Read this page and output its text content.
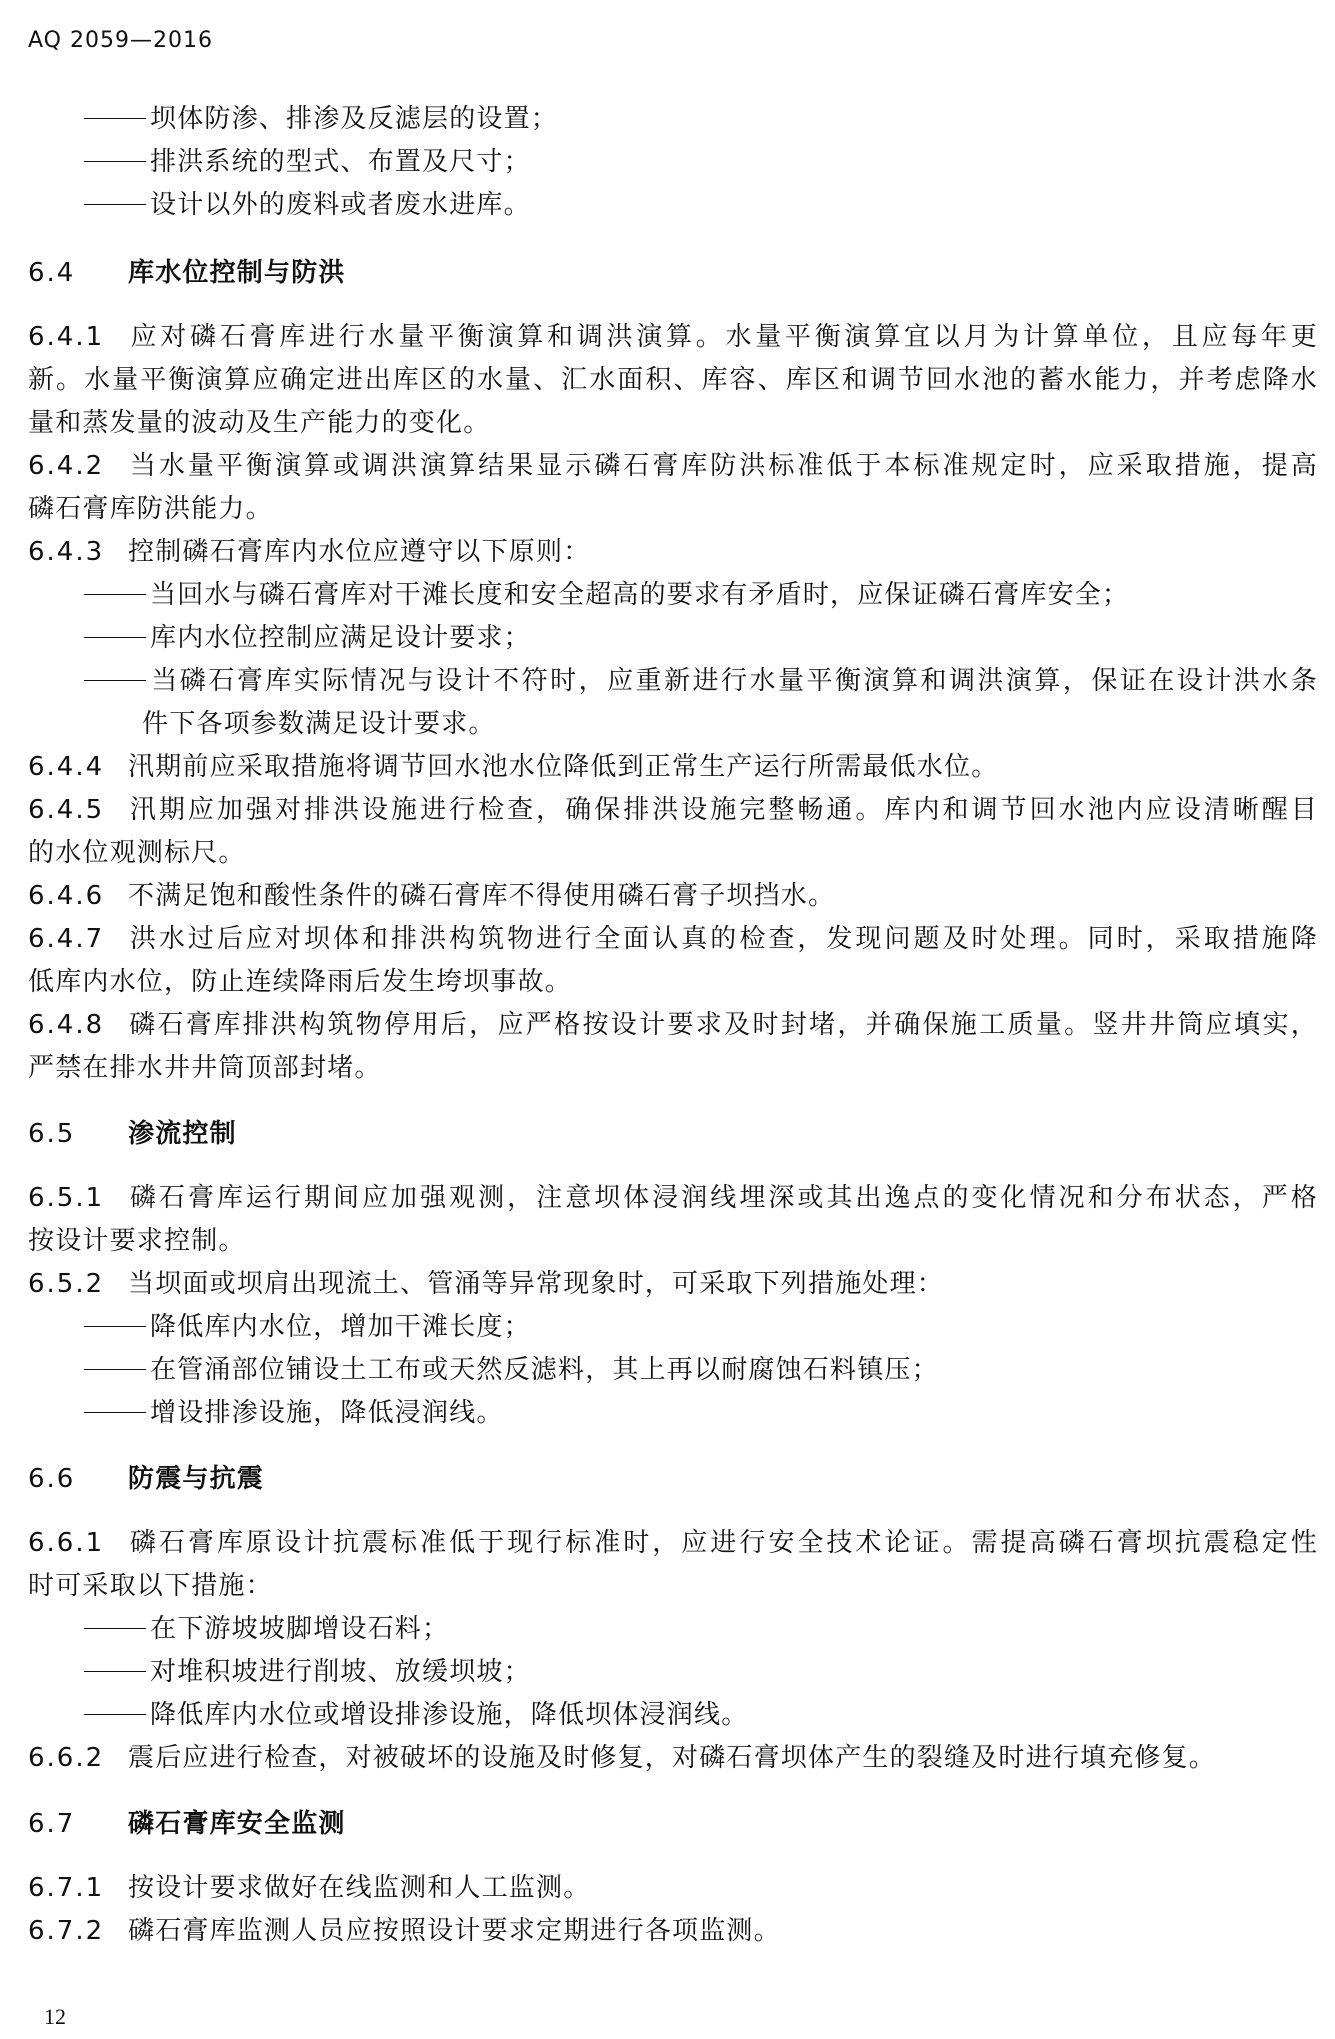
AQ 2059—2016
坝体防渗、排渗及反滤层的设置；
排洪系统的型式、布置及尺寸；
设计以外的废料或者废水进库。
6.4 库水位控制与防洪
6.4.1 应对磷石膏库进行水量平衡演算和调洪演算。水量平衡演算宜以月为计算单位，且应每年更
新。水量平衡演算应确定进出库区的水量、汇水面积、库容、库区和调节回水池的蓄水能力，并考虑降水
量和蒸发量的波动及生产能力的变化。
6.4.2 当水量平衡演算或调洪演算结果显示磷石膏库防洪标准低于本标准规定时，应采取措施，提高
磷石膏库防洪能力。
6.4.3 控制磷石膏库内水位应遵守以下原则：
当回水与磷石膏库对干滩长度和安全超高的要求有矛盾时，应保证磷石膏库安全；
库内水位控制应满足设计要求；
当磷石膏库实际情况与设计不符时，应重新进行水量平衡演算和调洪演算，保证在设计洪水条
件下各项参数满足设计要求。
6.4.4 汛期前应采取措施将调节回水池水位降低到正常生产运行所需最低水位。
6.4.5 汛期应加强对排洪设施进行检查，确保排洪设施完整畅通。库内和调节回水池内应设清晰醒目
的水位观测标尺。
6.4.6 不满足饱和酸性条件的磷石膏库不得使用磷石膏子坝挡水。
6.4.7 洪水过后应对坝体和排洪构筑物进行全面认真的检查，发现问题及时处理。同时，采取措施降
低库内水位，防止连续降雨后发生垮坝事故。
6.4.8 磷石膏库排洪构筑物停用后，应严格按设计要求及时封堵，并确保施工质量。竖井井筒应填实，
严禁在排水井井筒顶部封堵。
6.5 渗流控制
6.5.1 磷石膏库运行期间应加强观测，注意坝体浸润线埋深或其出逸点的变化情况和分布状态，严格
按设计要求控制。
6.5.2 当坝面或坝肩出现流土、管涌等异常现象时，可采取下列措施处理：
降低库内水位，增加干滩长度；
在管涌部位铺设土工布或天然反滤料，其上再以耐腐蚀石料镇压；
增设排渗设施，降低浸润线。
6.6 防震与抗震
6.6.1 磷石膏库原设计抗震标准低于现行标准时，应进行安全技术论证。需提高磷石膏坝抗震稳定性
时可采取以下措施：
在下游坡坡脚增设石料；
对堆积坡进行削坡、放缓坝坡；
降低库内水位或增设排渗设施，降低坝体浸润线。
6.6.2 震后应进行检查，对被破坏的设施及时修复，对磷石膏坝体产生的裂缝及时进行填充修复。
6.7 磷石膏库安全监测
6.7.1 按设计要求做好在线监测和人工监测。
6.7.2 磷石膏库监测人员应按照设计要求定期进行各项监测。
12
